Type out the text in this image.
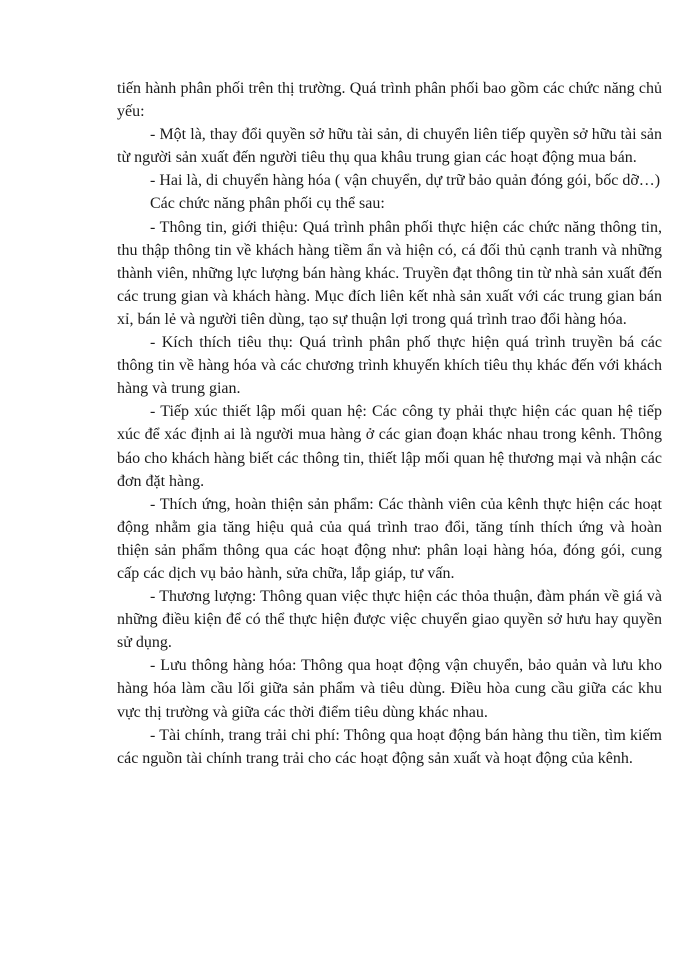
tiến hành phân phối trên thị trường. Quá trình phân phối bao gồm các chức năng chủ yếu:

- Một là, thay đổi quyền sở hữu tài sản, di chuyển liên tiếp quyền sở hữu tài sản từ người sản xuất đến người tiêu thụ qua khâu trung gian các hoạt động mua bán.

- Hai là, di chuyển hàng hóa ( vận chuyển, dự trữ bảo quản đóng gói, bốc dỡ…)

Các chức năng phân phối cụ thể sau:

- Thông tin, giới thiệu: Quá trình phân phối thực hiện các chức năng thông tin, thu thập thông tin về khách hàng tiềm ẩn và hiện có, cá đối thủ cạnh tranh và những thành viên, những lực lượng bán hàng khác. Truyền đạt thông tin từ nhà sản xuất đến các trung gian và khách hàng. Mục đích liên kết nhà sản xuất với các trung gian bán xỉ, bán lẻ và người tiên dùng, tạo sự thuận lợi trong quá trình trao đổi hàng hóa.

- Kích thích tiêu thụ: Quá trình phân phố thực hiện quá trình truyền bá các thông tin về hàng hóa và các chương trình khuyến khích tiêu thụ khác đến với khách hàng và trung gian.

- Tiếp xúc thiết lập mối quan hệ: Các công ty phải thực hiện các quan hệ tiếp xúc để xác định ai là người mua hàng ở các gian đoạn khác nhau trong kênh. Thông báo cho khách hàng biết các thông tin, thiết lập mối quan hệ thương mại và nhận các đơn đặt hàng.

- Thích ứng, hoàn thiện sản phẩm: Các thành viên của kênh thực hiện các hoạt động nhằm gia tăng hiệu quả của quá trình trao đổi, tăng tính thích ứng và hoàn thiện sản phẩm thông qua các hoạt động như: phân loại hàng hóa, đóng gói, cung cấp các dịch vụ bảo hành, sửa chữa, lắp giáp, tư vấn.

- Thương lượng: Thông quan việc thực hiện các thỏa thuận, đàm phán về giá và những điều kiện để có thể thực hiện được việc chuyển giao quyền sở hưu hay quyền sử dụng.

- Lưu thông hàng hóa: Thông qua hoạt động vận chuyển, bảo quản và lưu kho hàng hóa làm cầu lối giữa sản phẩm và tiêu dùng. Điều hòa cung cầu giữa các khu vực thị trường và giữa các thời điểm tiêu dùng khác nhau.

- Tài chính, trang trải chi phí: Thông qua hoạt động bán hàng thu tiền, tìm kiếm các nguồn tài chính trang trải cho các hoạt động sản xuất và hoạt động của kênh.
